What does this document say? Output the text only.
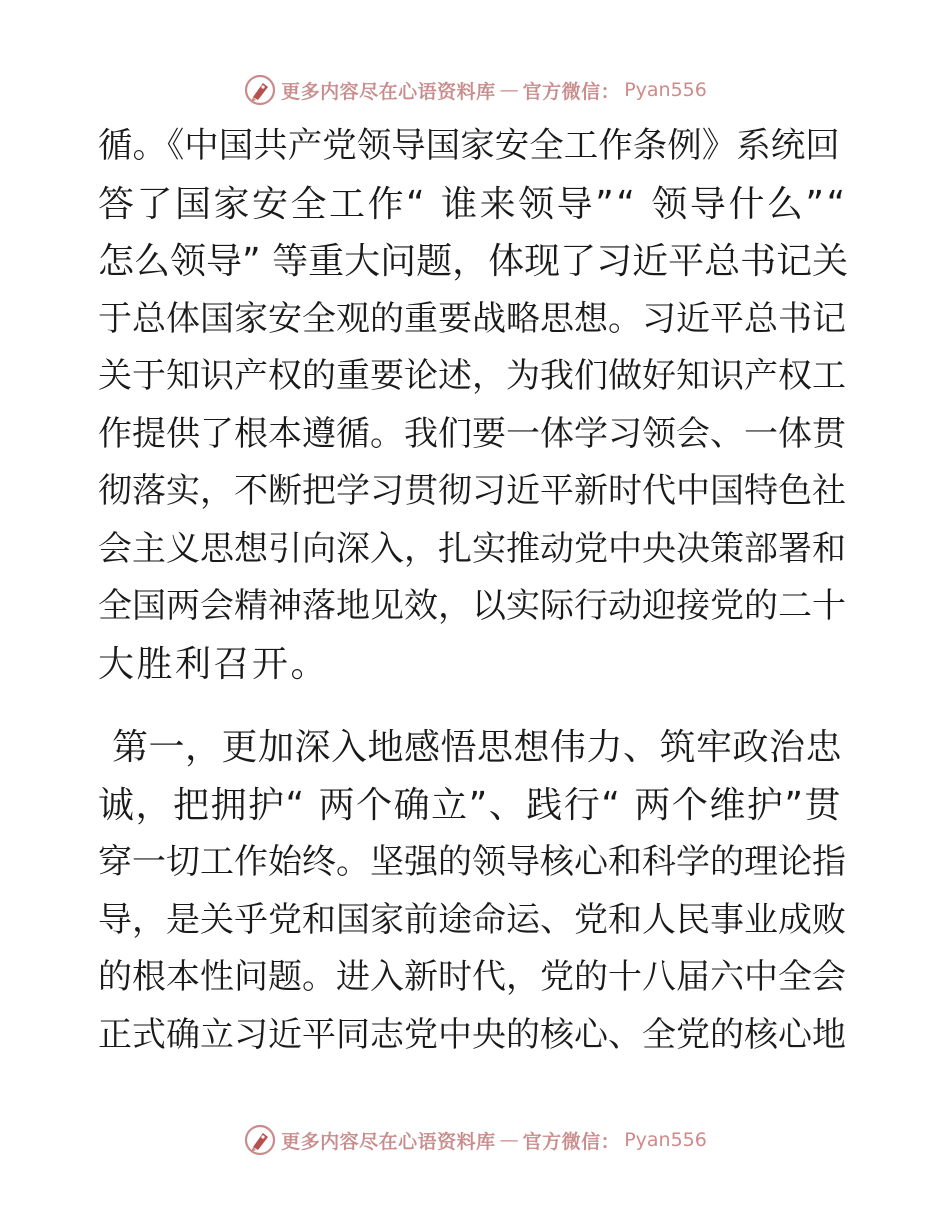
更多内容尽在心语资料库 — 官方微信： Pyan556
循。《中国共产党领导国家安全工作条例》系统回
答了国家安全工作“ 谁来领导”“ 领导什么”“
怎么领导” 等重大问题，体现了习近平总书记关
于总体国家安全观的重要战略思想。习近平总书记
关于知识产权的重要论述，为我们做好知识产权工
作提供了根本遵循。我们要一体学习领会、一体贯
彻落实，不断把学习贯彻习近平新时代中国特色社
会主义思想引向深入，扎实推动党中央决策部署和
全国两会精神落地见效，以实际行动迎接党的二十
大胜利召开。
第一，更加深入地感悟思想伟力、筑牢政治忠
诚，把拥护“ 两个确立”、践行“ 两个维护”贯
穿一切工作始终。坚强的领导核心和科学的理论指
导，是关乎党和国家前途命运、党和人民事业成败
的根本性问题。进入新时代，党的十八届六中全会
正式确立习近平同志党中央的核心、全党的核心地
更多内容尽在心语资料库 — 官方微信： Pyan556
